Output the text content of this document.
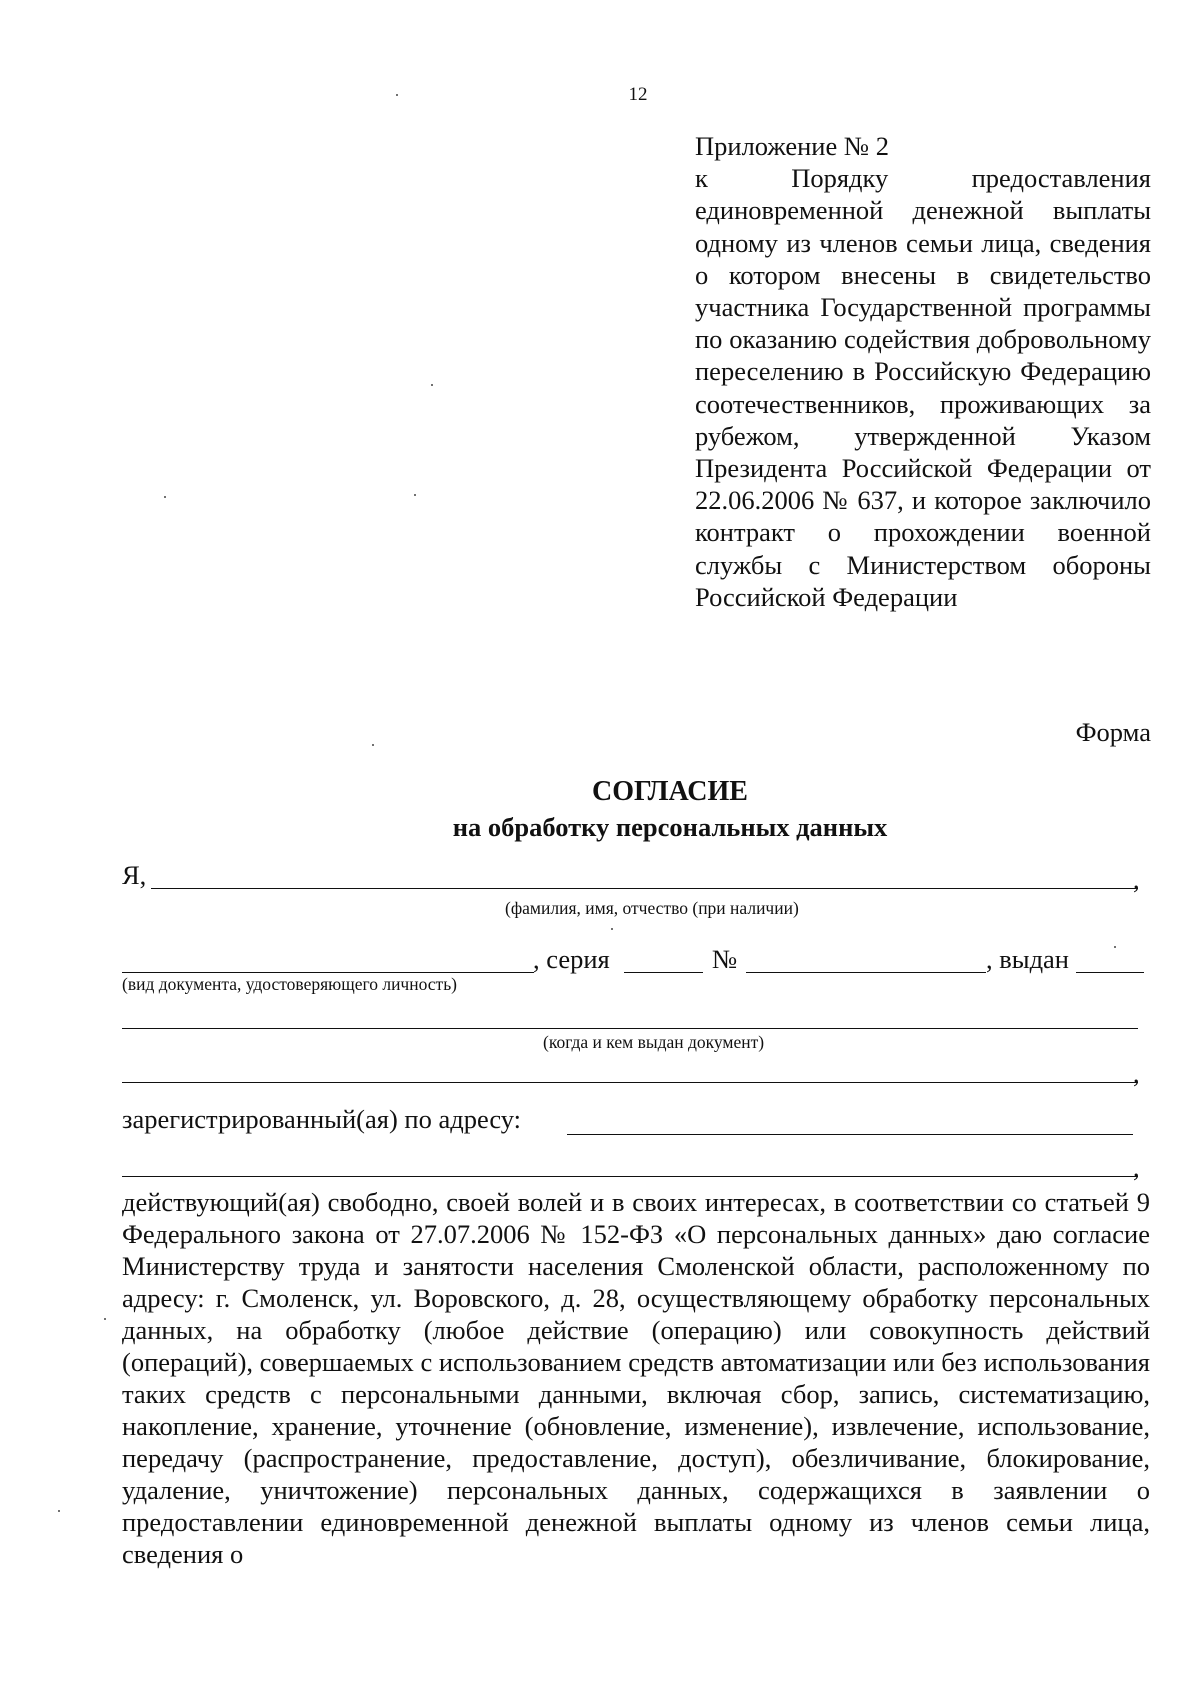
12
Приложение № 2
к Порядку предоставления единовременной денежной выплаты одному из членов семьи лица, сведения о котором внесены в свидетельство участника Государственной программы по оказанию содействия добровольному переселению в Российскую Федерацию соотечественников, проживающих за рубежом, утвержденной Указом Президента Российской Федерации от 22.06.2006 № 637, и которое заключило контракт о прохождении военной службы с Министерством обороны Российской Федерации
Форма
СОГЛАСИЕ
на обработку персональных данных
Я,	,
(фамилия, имя, отчество (при наличии)
, серия	№	, выдан
(вид документа, удостоверяющего личность)
(когда и кем выдан документ)
,
зарегистрированный(ая) по адресу:
,
действующий(ая) свободно, своей волей и в своих интересах, в соответствии со статьей 9 Федерального закона от 27.07.2006 № 152-ФЗ «О персональных данных» даю согласие Министерству труда и занятости населения Смоленской области, расположенному по адресу: г. Смоленск, ул. Воровского, д. 28, осуществляющему обработку персональных данных, на обработку (любое действие (операцию) или совокупность действий (операций), совершаемых с использованием средств автоматизации или без использования таких средств с персональными данными, включая сбор, запись, систематизацию, накопление, хранение, уточнение (обновление, изменение), извлечение, использование, передачу (распространение, предоставление, доступ), обезличивание, блокирование, удаление, уничтожение) персональных данных, содержащихся в заявлении о предоставлении единовременной денежной выплаты одному из членов семьи лица, сведения о
